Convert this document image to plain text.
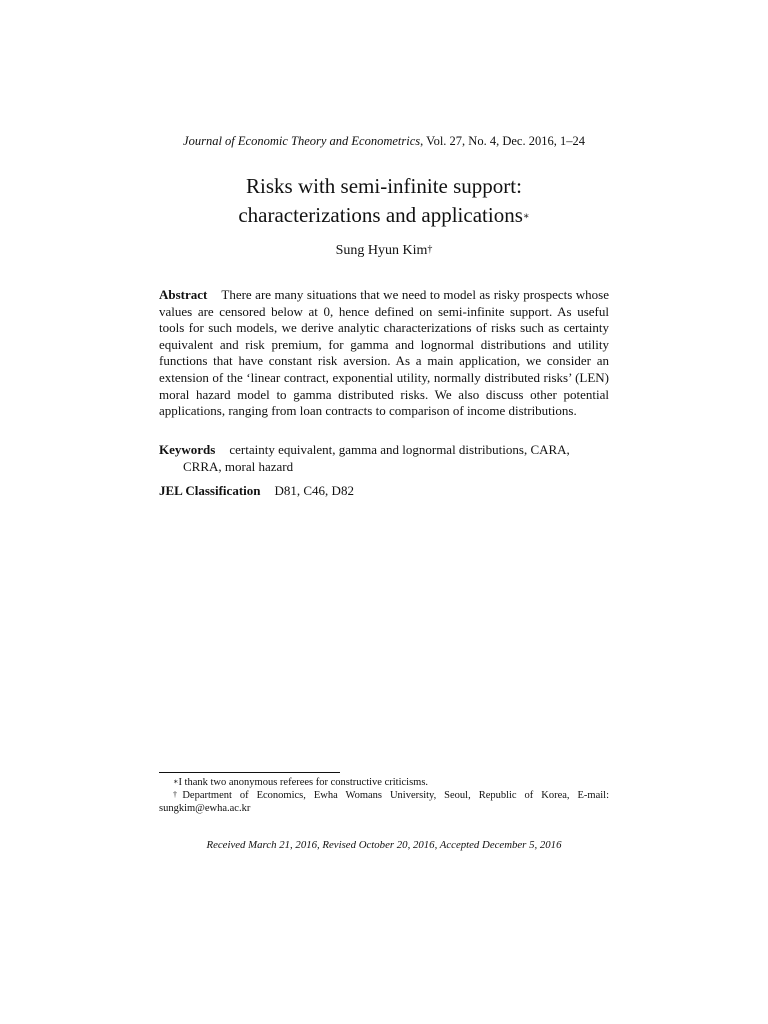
Journal of Economic Theory and Econometrics, Vol. 27, No. 4, Dec. 2016, 1–24
Risks with semi-infinite support:
characterizations and applications∗
Sung Hyun Kim†
Abstract There are many situations that we need to model as risky prospects whose values are censored below at 0, hence defined on semi-infinite support. As useful tools for such models, we derive analytic characterizations of risks such as certainty equivalent and risk premium, for gamma and lognormal distributions and utility functions that have constant risk aversion. As a main application, we consider an extension of the ‘linear contract, exponential utility, normally distributed risks’ (LEN) moral hazard model to gamma distributed risks. We also discuss other potential applications, ranging from loan contracts to comparison of income distributions.
Keywords certainty equivalent, gamma and lognormal distributions, CARA,
CRRA, moral hazard
JEL Classification D81, C46, D82
∗I thank two anonymous referees for constructive criticisms.
†Department of Economics, Ewha Womans University, Seoul, Republic of Korea, E-mail: sungkim@ewha.ac.kr
Received March 21, 2016, Revised October 20, 2016, Accepted December 5, 2016
